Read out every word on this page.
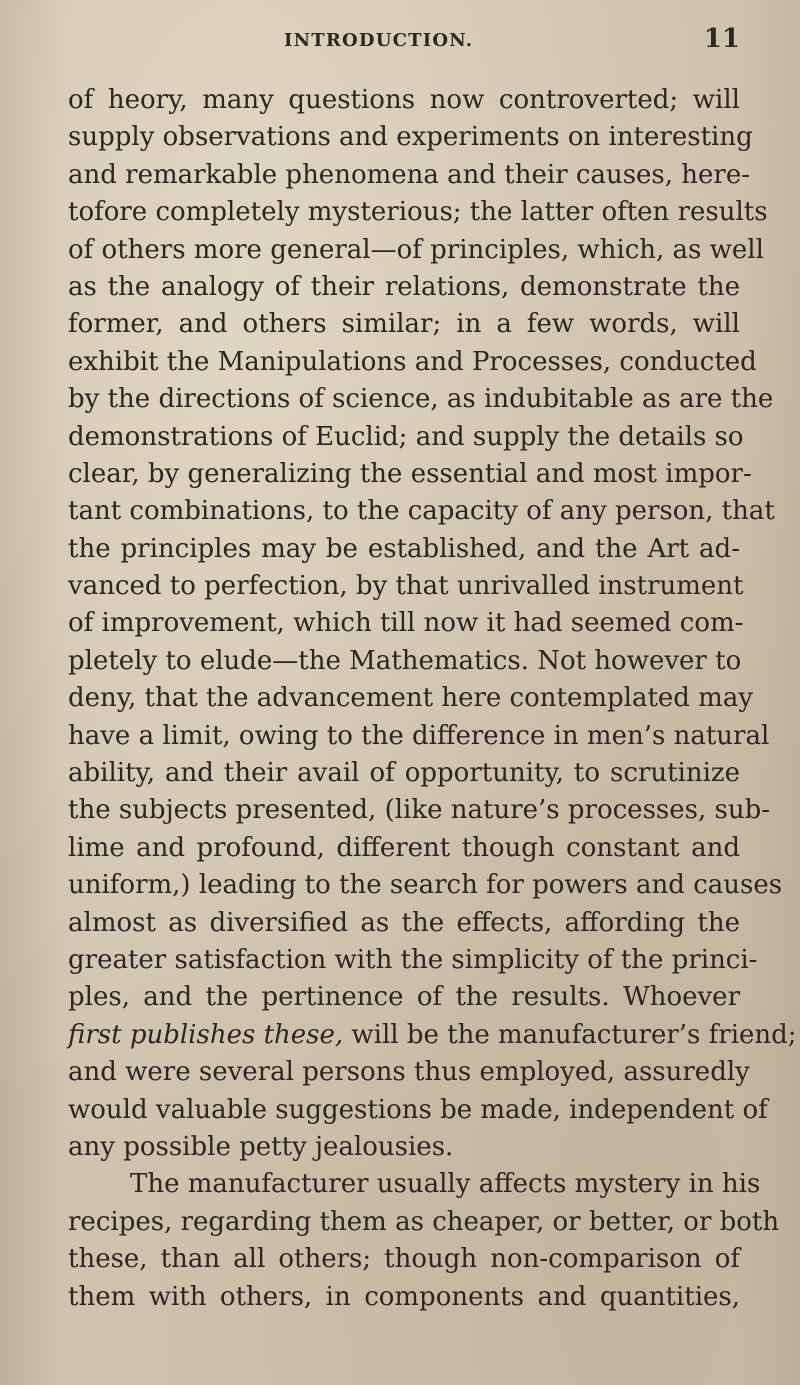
INTRODUCTION.	11
of heory, many questions now controverted; will
supply observations and experiments on interesting
and remarkable phenomena and their causes, here-
tofore completely mysterious; the latter often results
of others more general—of principles, which, as well
as the analogy of their relations, demonstrate the
former, and others similar; in a few words, will
exhibit the Manipulations and Processes, conducted
by the directions of science, as indubitable as are the
demonstrations of Euclid; and supply the details so
clear, by generalizing the essential and most impor-
tant combinations, to the capacity of any person, that
the principles may be established, and the Art ad-
vanced to perfection, by that unrivalled instrument
of improvement, which till now it had seemed com-
pletely to elude—the Mathematics. Not however to
deny, that the advancement here contemplated may
have a limit, owing to the difference in men’s natural
ability, and their avail of opportunity, to scrutinize
the subjects presented, (like nature’s processes, sub-
lime and profound, different though constant and
uniform,) leading to the search for powers and causes
almost as diversified as the effects, affording the
greater satisfaction with the simplicity of the princi-
ples, and the pertinence of the results. Whoever
first publishes these, will be the manufacturer’s friend;
and were several persons thus employed, assuredly
would valuable suggestions be made, independent of
any possible petty jealousies.
The manufacturer usually affects mystery in his
recipes, regarding them as cheaper, or better, or both
these, than all others; though non-comparison of
them with others, in components and quantities,
